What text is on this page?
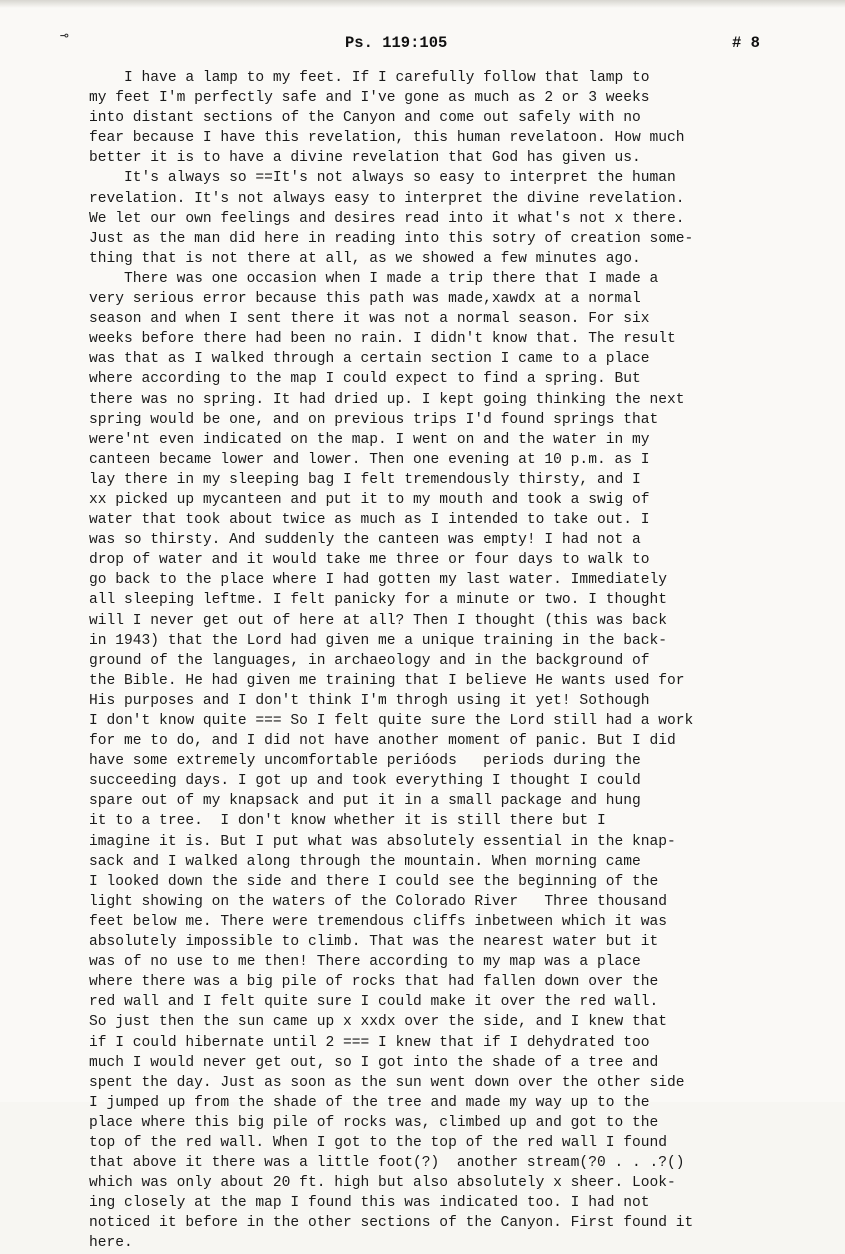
⊸	Ps. 119:105	# 8
I have a lamp to my feet. If I carefully follow that lamp to
my feet I'm perfectly safe and I've gone as much as 2 or 3 weeks
into distant sections of the Canyon and come out safely with no
fear because I have this revelation, this human revelatoon. How much
better it is to have a divine revelation that God has given us.
It's always so ==It's not always so easy to interpret the human
revelation. It's not always easy to interpret the divine revelation.
We let our own feelings and desires read into it what's not x there.
Just as the man did here in reading into this sotry of creation some-
thing that is not there at all, as we showed a few minutes ago.
There was one occasion when I made a trip there that I made a
very serious error because this path was made,xawdx at a normal
season and when I sent there it was not a normal season. For six
weeks before there had been no rain. I didn't know that. The result
was that as I walked through a certain section I came to a place
where according to the map I could expect to find a spring. But
there was no spring. It had dried up. I kept going thinking the next
spring would be one, and on previous trips I'd found springs that
were'nt even indicated on the map. I went on and the water in my
canteen became lower and lower. Then one evening at 10 p.m. as I
lay there in my sleeping bag I felt tremendously thirsty, and I
xx picked up mycanteen and put it to my mouth and took a swig of
water that took about twice as much as I intended to take out. I
was so thirsty. And suddenly the canteen was empty! I had not a
drop of water and it would take me three or four days to walk to
go back to the place where I had gotten my last water. Immediately
all sleeping leftme. I felt panicky for a minute or two. I thought
will I never get out of here at all? Then I thought (this was back
in 1943) that the Lord had given me a unique training in the back-
ground of the languages, in archaeology and in the background of
the Bible. He had given me training that I believe He wants used for
His purposes and I don't think I'm throgh using it yet! Sothough
I don't know quite === So I felt quite sure the Lord still had a work
for me to do, and I did not have another moment of panic. But I did
have some extremely uncomfortable perióods   periods during the
succeeding days. I got up and took everything I thought I could
spare out of my knapsack and put it in a small package and hung
it to a tree.  I don't know whether it is still there but I
imagine it is. But I put what was absolutely essential in the knap-
sack and I walked along through the mountain. When morning came
I looked down the side and there I could see the beginning of the
light showing on the waters of the Colorado River   Three thousand
feet below me. There were tremendous cliffs inbetween which it was
absolutely impossible to climb. That was the nearest water but it
was of no use to me then! There according to my map was a place
where there was a big pile of rocks that had fallen down over the
red wall and I felt quite sure I could make it over the red wall.
So just then the sun came up x xxdx over the side, and I knew that
if I could hibernate until 2 === I knew that if I dehydrated too
much I would never get out, so I got into the shade of a tree and
spent the day. Just as soon as the sun went down over the other side
I jumped up from the shade of the tree and made my way up to the
place where this big pile of rocks was, climbed up and got to the
top of the red wall. When I got to the top of the red wall I found
that above it there was a little foot(?)  another stream(?0 . . .?()
which was only about 20 ft. high but also absolutely x sheer. Look-
ing closely at the map I found this was indicated too. I had not
noticed it before in the other sections of the Canyon. First found it
here.
